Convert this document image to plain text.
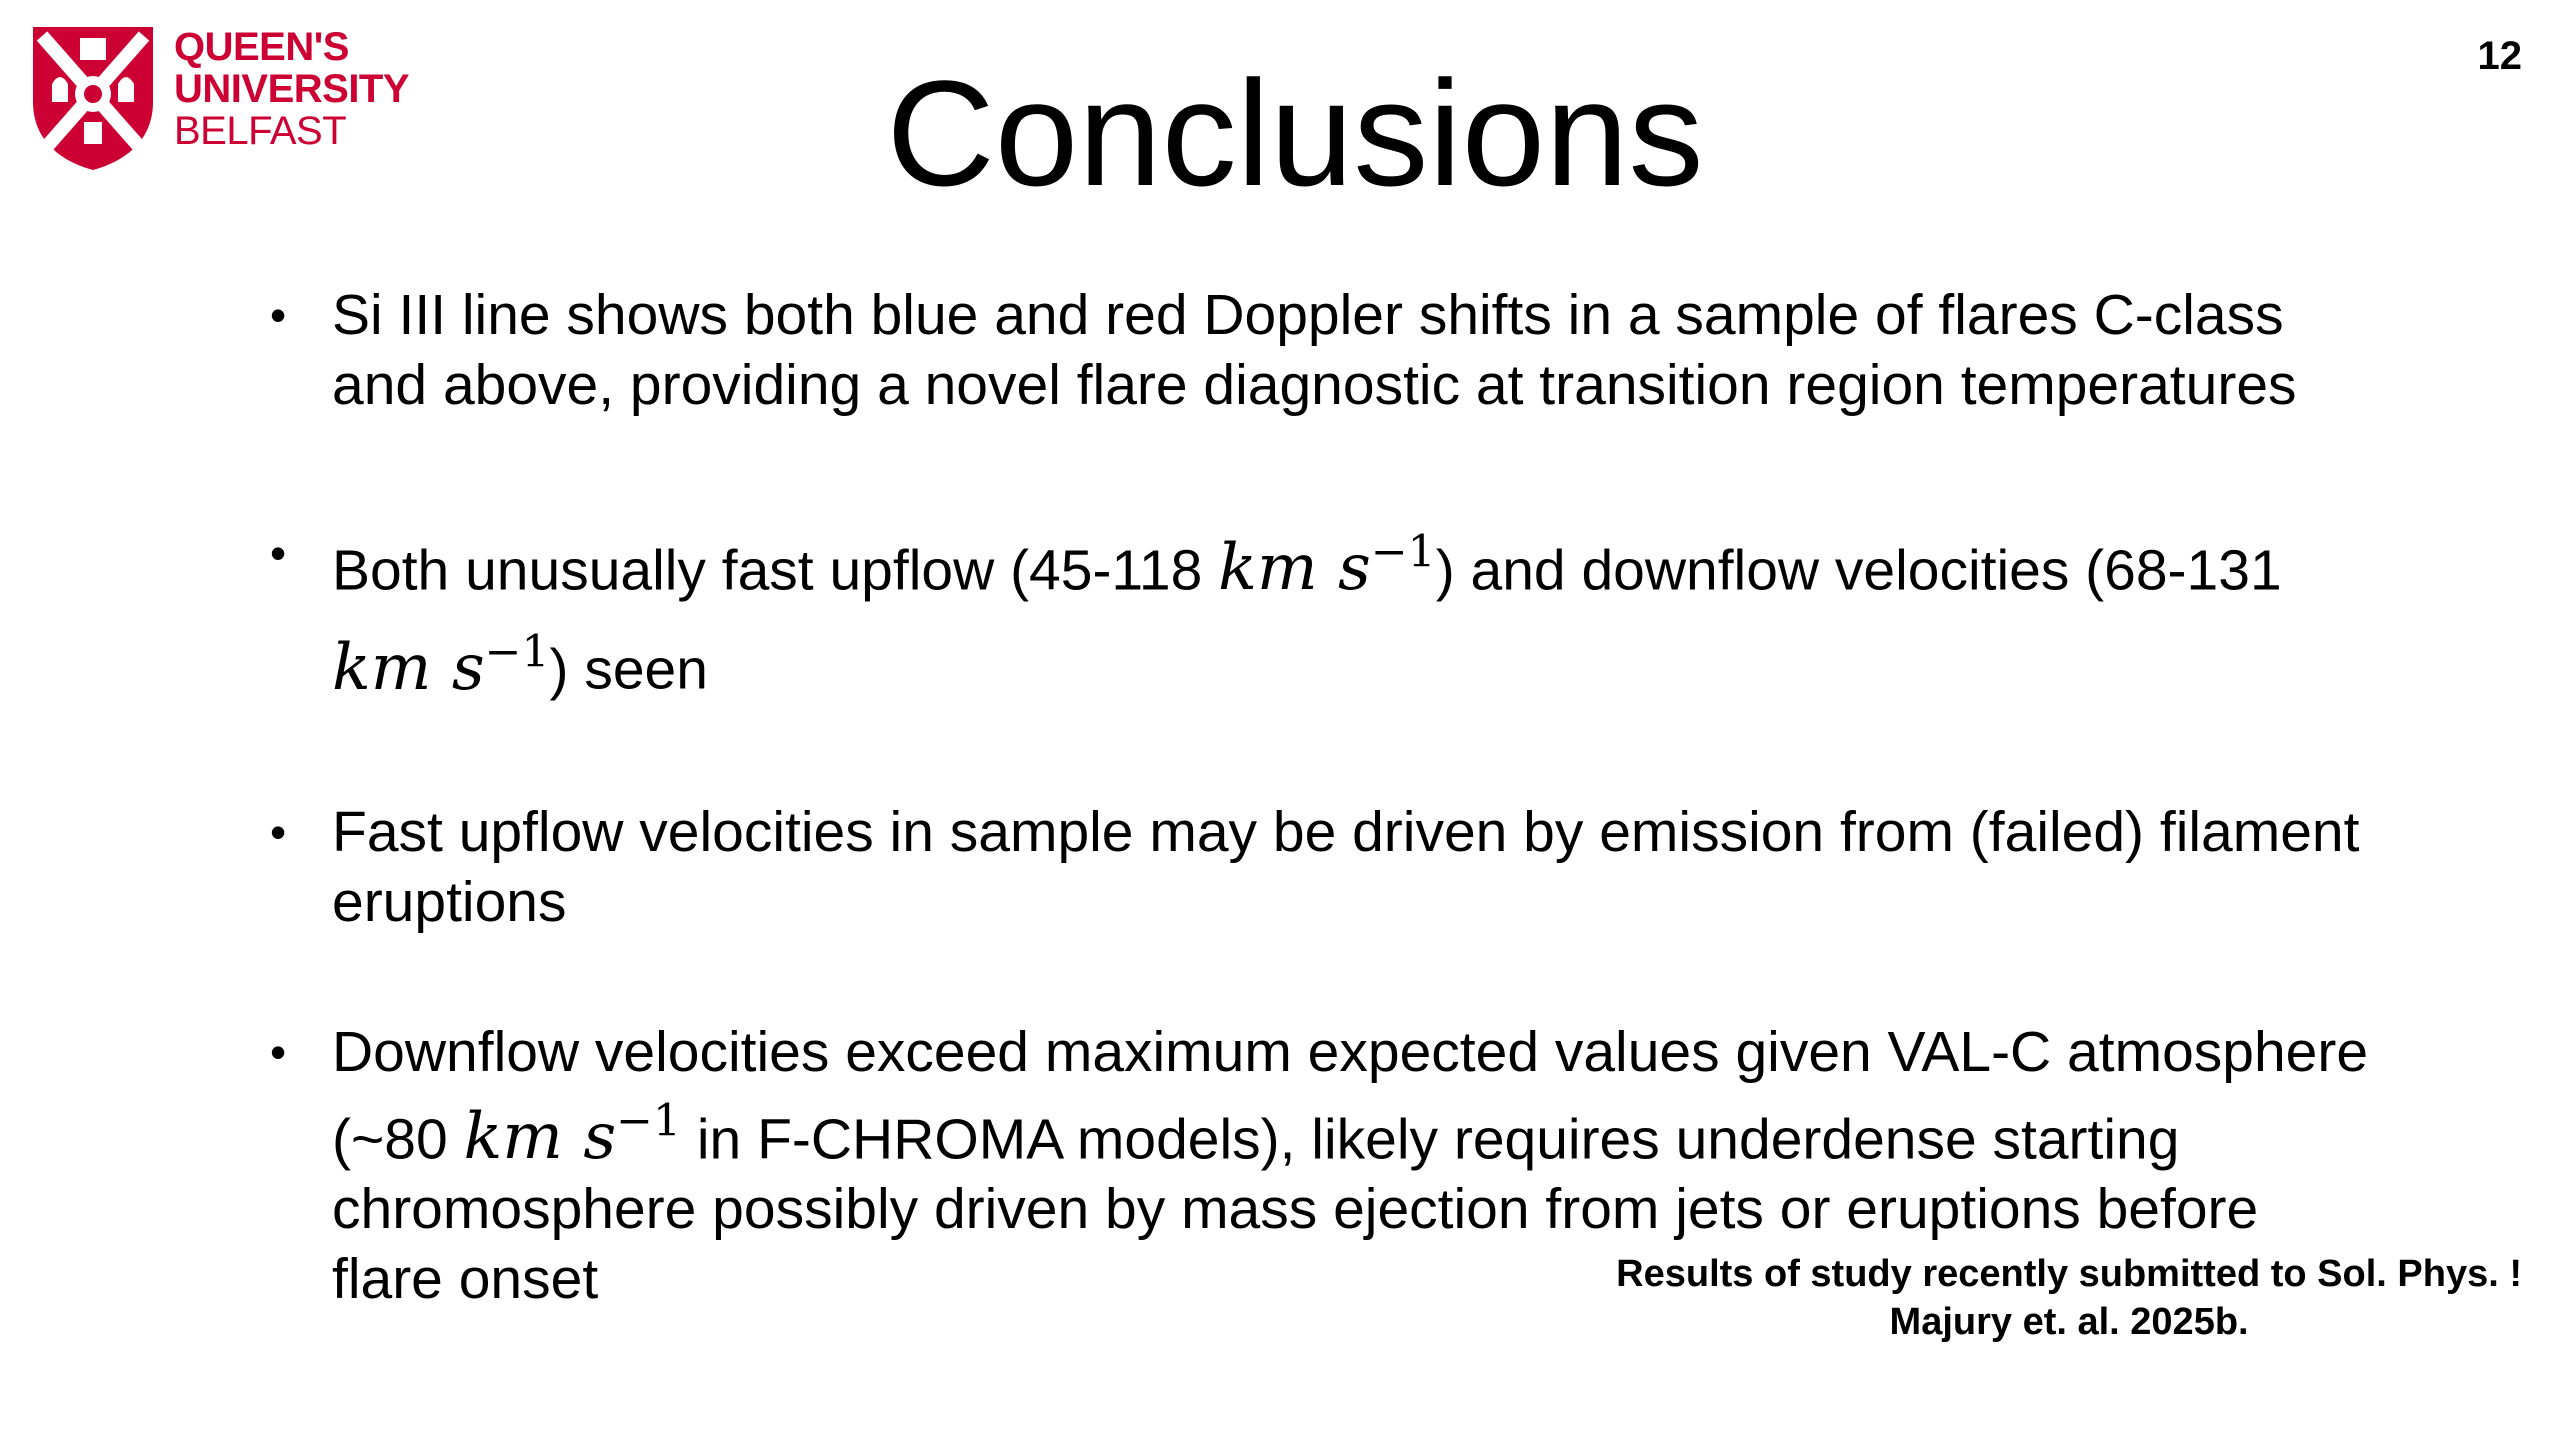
QUEEN'S
UNIVERSITY
BELFAST
12
Conclusions
• Si III line shows both blue and red Doppler shifts in a sample of flares C-class and above, providing a novel flare diagnostic at transition region temperatures
• Both unusually fast upflow (45-118 km $s^{-1}$) and downflow velocities (68-131 km $s^{-1}$) seen
• Fast upflow velocities in sample may be driven by emission from (failed) filament eruptions
• Downflow velocities exceed maximum expected values given VAL-C atmosphere (~80 km $s^{-1}$ in F-CHROMA models), likely requires underdense starting chromosphere possibly driven by mass ejection from jets or eruptions before flare onset	Results of study recently submitted to Sol. Phys. !
Majury et. al. 2025b.
